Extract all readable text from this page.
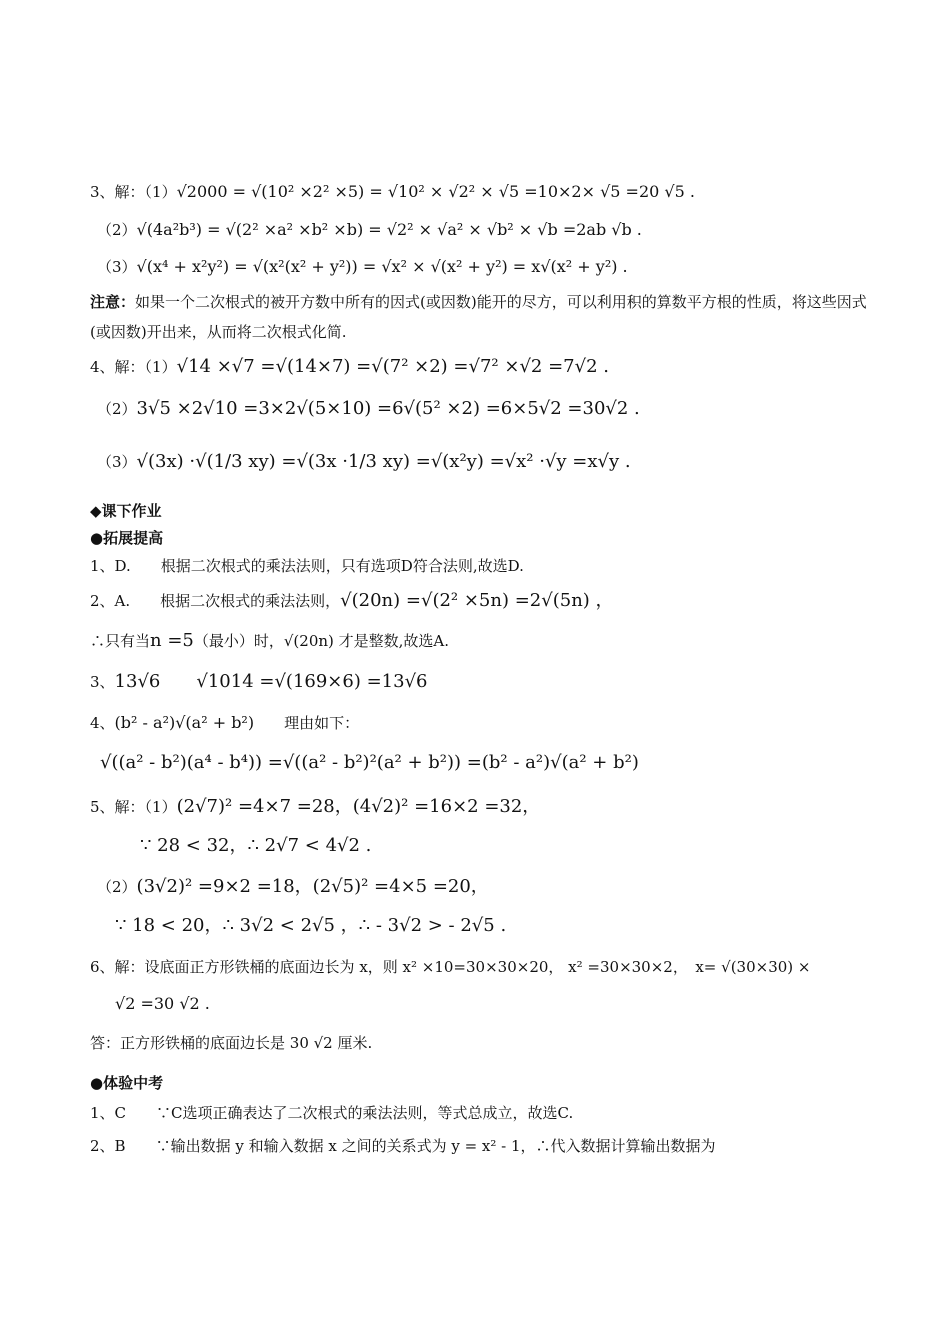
3、解：（1）√2000 = √(10² ×2² ×5) = √10² × √2² × √5 =10×2× √5 =20 √5 .
（2）√(4a²b³) = √(2² ×a² ×b² ×b) = √2² × √a² × √b² × √b =2ab √b .
（3）√(x⁴ + x²y²) = √(x²(x² + y²)) = √x² × √(x² + y²) = x√(x² + y²) .
注意：如果一个二次根式的被开方数中所有的因式(或因数)能开的尽方，可以利用积的算数平方根的性质，将这些因式(或因数)开出来，从而将二次根式化简.
4、解：（1）√14 ×√7 =√(14×7) =√(7² ×2) =√7² ×√2 =7√2 .
（2）3√5 ×2√10 =3×2√(5×10) =6√(5² ×2) =6×5√2 =30√2 .
（3）√(3x) ·√(1/3 xy) =√(3x ·1/3 xy) =√(x²y) =√x² ·√y =x√y .
◆课下作业
●拓展提高
1、D.　　根据二次根式的乘法法则，只有选项D符合法则,故选D.
2、A.　　根据二次根式的乘法法则，√(20n) =√(2² ×5n) =2√(5n) ，
∴只有当n =5（最小）时，√(20n) 才是整数,故选A.
3、13√6　　√1014 =√(169×6) =13√6
4、(b² - a²)√(a² + b²)　　理由如下：
√((a² - b²)(a⁴ - b⁴)) =√((a² - b²)²(a² + b²)) =(b² - a²)√(a² + b²)
5、解：（1）(2√7)² =4×7 =28，(4√2)² =16×2 =32，
∵ 28 < 32，∴ 2√7 < 4√2 .
（2）(3√2)² =9×2 =18，(2√5)² =4×5 =20，
∵ 18 < 20，∴ 3√2 < 2√5 ，∴ - 3√2 > - 2√5 .
6、解：设底面正方形铁桶的底面边长为 x，则 x² ×10=30×30×20， x² =30×30×2，　x= √(30×30) ×
√2 =30 √2 .
答：正方形铁桶的底面边长是 30 √2 厘米.
●体验中考
1、C　　∵C选项正确表达了二次根式的乘法法则，等式总成立，故选C.
2、B　　∵输出数据 y 和输入数据 x 之间的关系式为 y = x² - 1，∴代入数据计算输出数据为
